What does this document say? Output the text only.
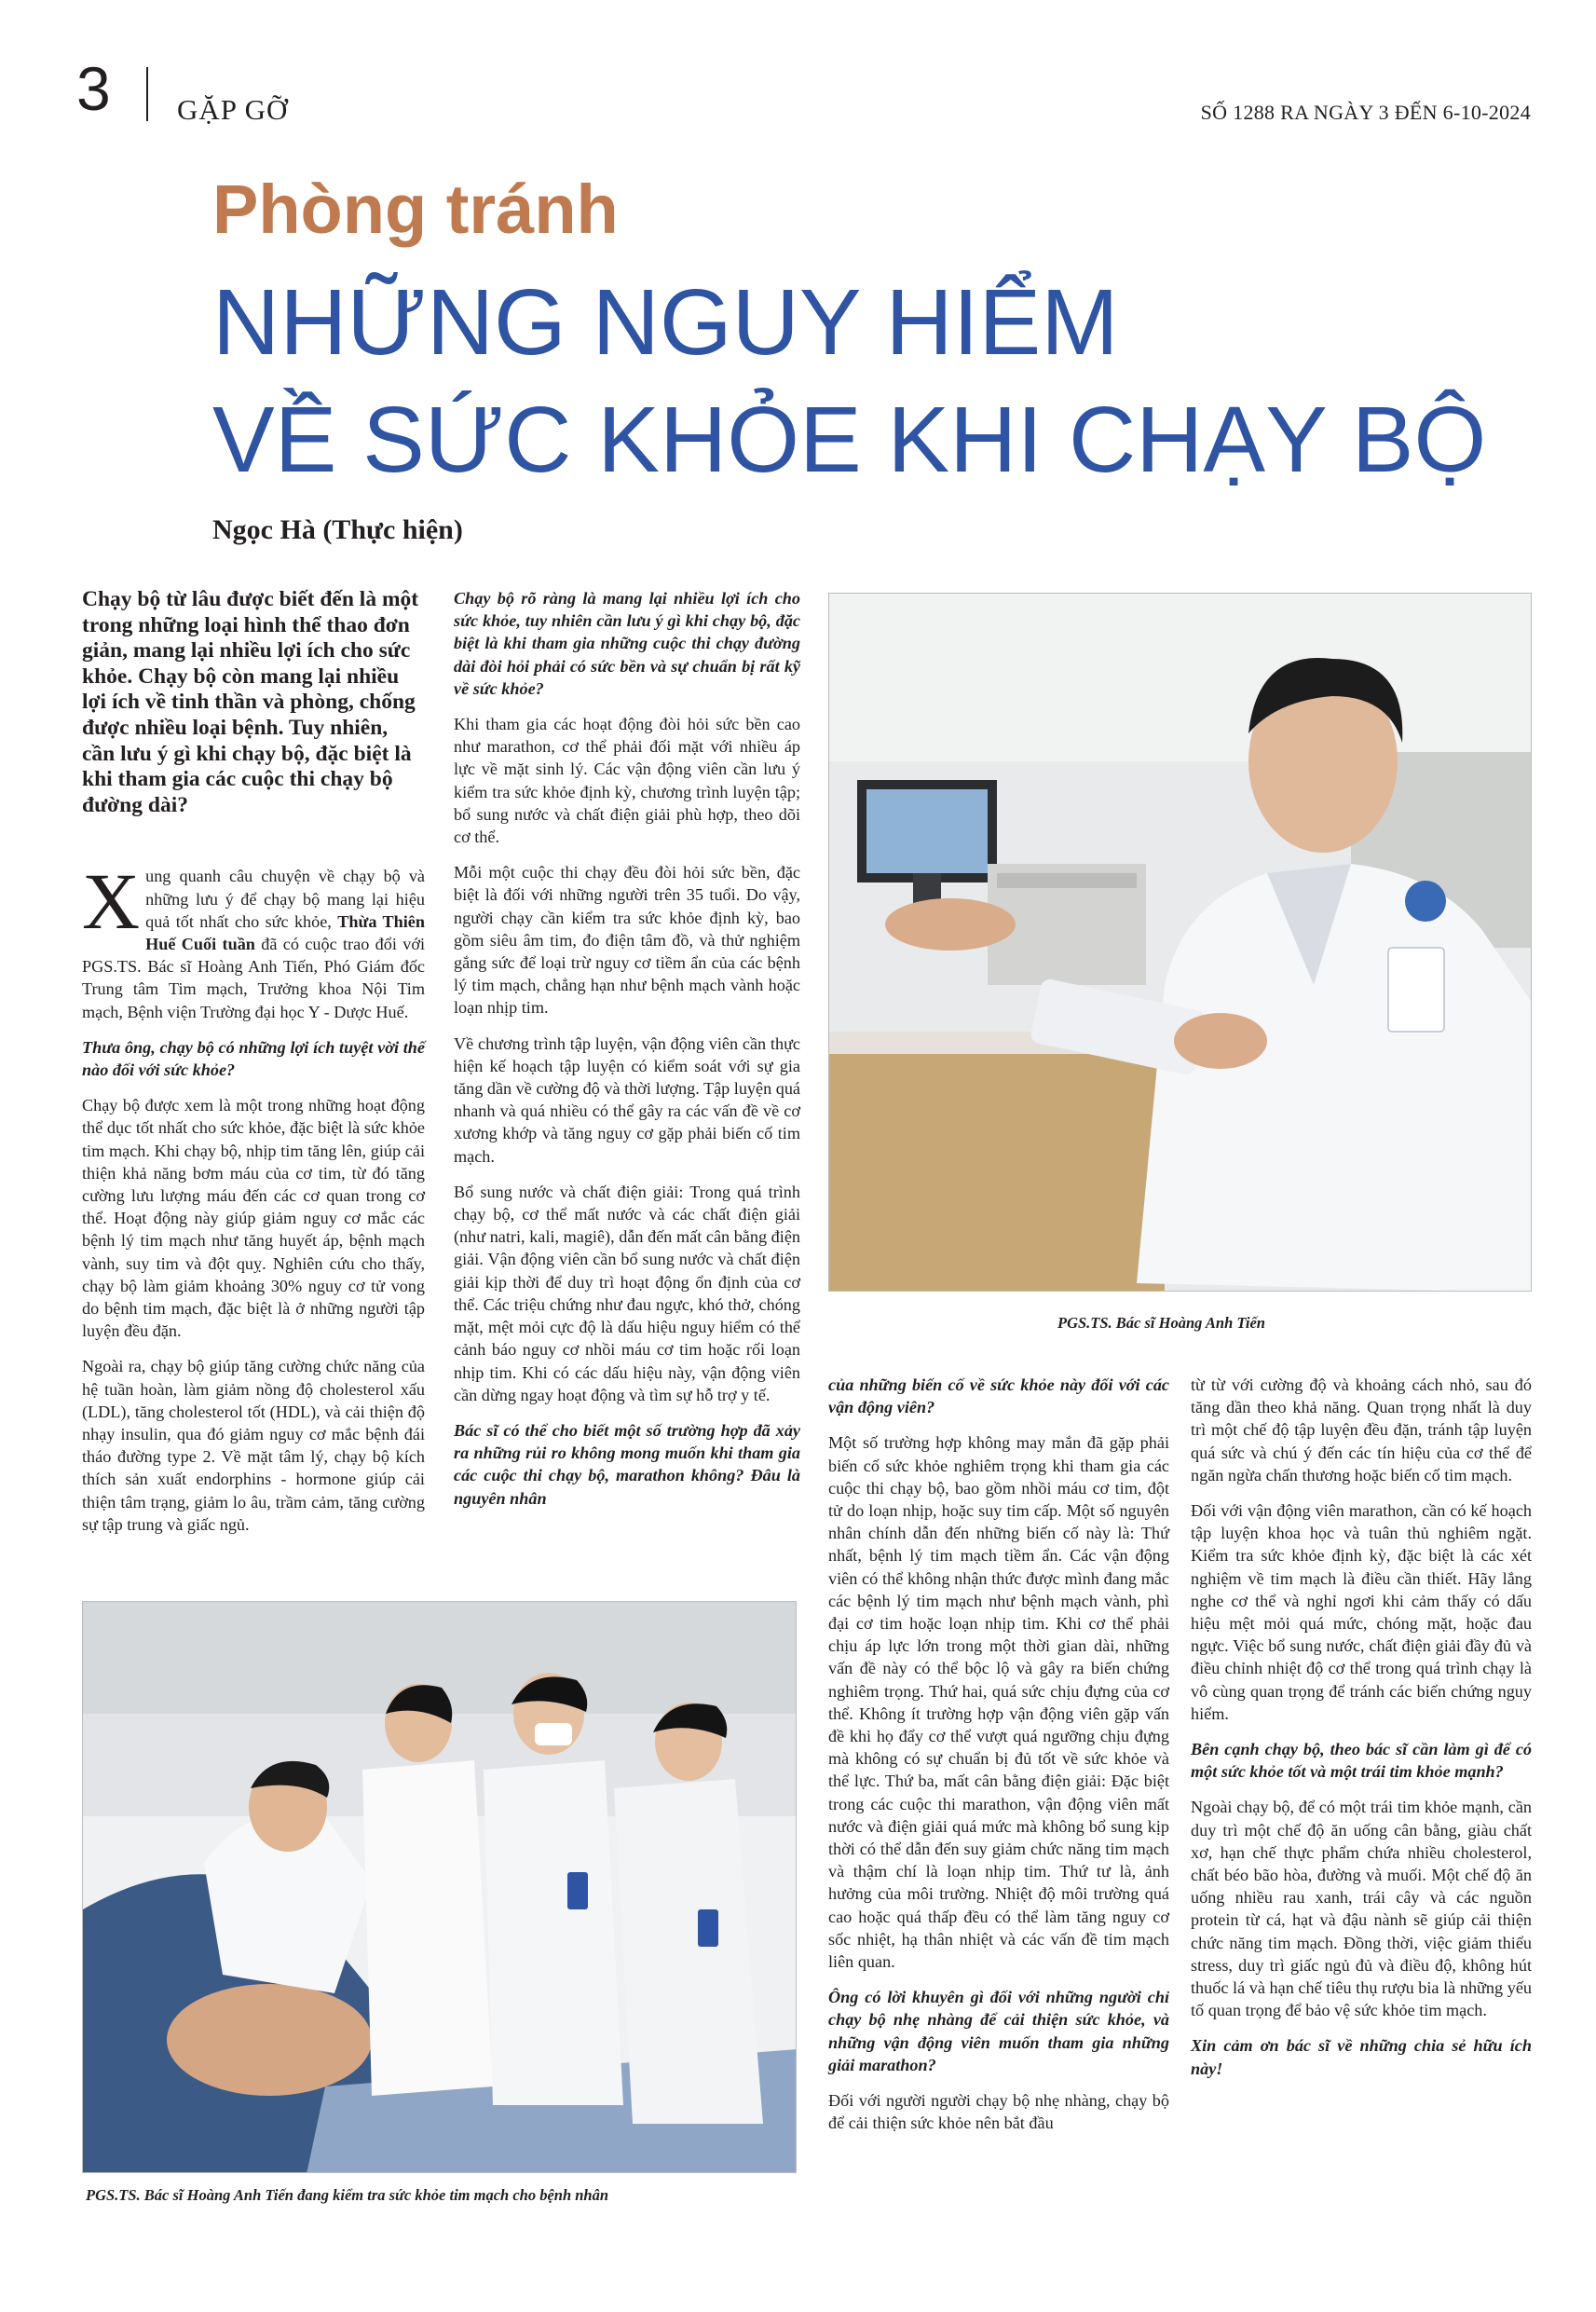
3 GẶP GỠ	SỐ 1288 RA NGÀY 3 ĐẾN 6-10-2024
Phòng tránh
NHỮNG NGUY HIỂM
VỀ SỨC KHỎE KHI CHẠY BỘ
Ngọc Hà (Thực hiện)

Chạy bộ từ lâu được biết đến là một trong những loại hình thể thao đơn giản, mang lại nhiều lợi ích cho sức khỏe. Chạy bộ còn mang lại nhiều lợi ích về tinh thần và phòng, chống được nhiều loại bệnh. Tuy nhiên, cần lưu ý gì khi chạy bộ, đặc biệt là khi tham gia các cuộc thi chạy bộ đường dài?

Xung quanh câu chuyện về chạy bộ và những lưu ý để chạy bộ mang lại hiệu quả tốt nhất cho sức khỏe, Thừa Thiên Huế Cuối tuần đã có cuộc trao đổi với PGS.TS. Bác sĩ Hoàng Anh Tiến, Phó Giám đốc Trung tâm Tim mạch, Trưởng khoa Nội Tim mạch, Bệnh viện Trường đại học Y - Dược Huế.

Thưa ông, chạy bộ có những lợi ích tuyệt vời thế nào đối với sức khỏe?

Chạy bộ được xem là một trong những hoạt động thể dục tốt nhất cho sức khỏe, đặc biệt là sức khỏe tim mạch. Khi chạy bộ, nhịp tim tăng lên, giúp cải thiện khả năng bơm máu của cơ tim, từ đó tăng cường lưu lượng máu đến các cơ quan trong cơ thể. Hoạt động này giúp giảm nguy cơ mắc các bệnh lý tim mạch như tăng huyết áp, bệnh mạch vành, suy tim và đột quỵ. Nghiên cứu cho thấy, chạy bộ làm giảm khoảng 30% nguy cơ tử vong do bệnh tim mạch, đặc biệt là ở những người tập luyện đều đặn.

Ngoài ra, chạy bộ giúp tăng cường chức năng của hệ tuần hoàn, làm giảm nồng độ cholesterol xấu (LDL), tăng cholesterol tốt (HDL), và cải thiện độ nhạy insulin, qua đó giảm nguy cơ mắc bệnh đái tháo đường type 2. Về mặt tâm lý, chạy bộ kích thích sản xuất endorphins - hormone giúp cải thiện tâm trạng, giảm lo âu, trầm cảm, tăng cường sự tập trung và giấc ngủ.

Chạy bộ rõ ràng là mang lại nhiều lợi ích cho sức khỏe, tuy nhiên cần lưu ý gì khi chạy bộ, đặc biệt là khi tham gia những cuộc thi chạy đường dài đòi hỏi phải có sức bền và sự chuẩn bị rất kỹ về sức khỏe?

Khi tham gia các hoạt động đòi hỏi sức bền cao như marathon, cơ thể phải đối mặt với nhiều áp lực về mặt sinh lý. Các vận động viên cần lưu ý kiểm tra sức khỏe định kỳ, chương trình luyện tập; bổ sung nước và chất điện giải phù hợp, theo dõi cơ thể.

Mỗi một cuộc thi chạy đều đòi hỏi sức bền, đặc biệt là đối với những người trên 35 tuổi. Do vậy, người chạy cần kiểm tra sức khỏe định kỳ, bao gồm siêu âm tim, đo điện tâm đồ, và thử nghiệm gắng sức để loại trừ nguy cơ tiềm ẩn của các bệnh lý tim mạch, chẳng hạn như bệnh mạch vành hoặc loạn nhịp tim.

Về chương trình tập luyện, vận động viên cần thực hiện kế hoạch tập luyện có kiểm soát với sự gia tăng dần về cường độ và thời lượng. Tập luyện quá nhanh và quá nhiều có thể gây ra các vấn đề về cơ xương khớp và tăng nguy cơ gặp phải biến cố tim mạch.

Bổ sung nước và chất điện giải: Trong quá trình chạy bộ, cơ thể mất nước và các chất điện giải (như natri, kali, magiê), dẫn đến mất cân bằng điện giải. Vận động viên cần bổ sung nước và chất điện giải kịp thời để duy trì hoạt động ổn định của cơ thể. Các triệu chứng như đau ngực, khó thở, chóng mặt, mệt mỏi cực độ là dấu hiệu nguy hiểm có thể cảnh báo nguy cơ nhồi máu cơ tim hoặc rối loạn nhịp tim. Khi có các dấu hiệu này, vận động viên cần dừng ngay hoạt động và tìm sự hỗ trợ y tế.

Bác sĩ có thể cho biết một số trường hợp đã xảy ra những rủi ro không mong muốn khi tham gia các cuộc thi chạy bộ, marathon không? Đâu là nguyên nhân

PGS.TS. Bác sĩ Hoàng Anh Tiến
PGS.TS. Bác sĩ Hoàng Anh Tiến đang kiểm tra sức khỏe tim mạch cho bệnh nhân

của những biến cố về sức khỏe này đối với các vận động viên?

Một số trường hợp không may mắn đã gặp phải biến cố sức khỏe nghiêm trọng khi tham gia các cuộc thi chạy bộ, bao gồm nhồi máu cơ tim, đột tử do loạn nhịp, hoặc suy tim cấp. Một số nguyên nhân chính dẫn đến những biến cố này là: Thứ nhất, bệnh lý tim mạch tiềm ẩn. Các vận động viên có thể không nhận thức được mình đang mắc các bệnh lý tim mạch như bệnh mạch vành, phì đại cơ tim hoặc loạn nhịp tim. Khi cơ thể phải chịu áp lực lớn trong một thời gian dài, những vấn đề này có thể bộc lộ và gây ra biến chứng nghiêm trọng. Thứ hai, quá sức chịu đựng của cơ thể. Không ít trường hợp vận động viên gặp vấn đề khi họ đẩy cơ thể vượt quá ngưỡng chịu đựng mà không có sự chuẩn bị đủ tốt về sức khỏe và thể lực. Thứ ba, mất cân bằng điện giải: Đặc biệt trong các cuộc thi marathon, vận động viên mất nước và điện giải quá mức mà không bổ sung kịp thời có thể dẫn đến suy giảm chức năng tim mạch và thậm chí là loạn nhịp tim. Thứ tư là, ảnh hưởng của môi trường. Nhiệt độ môi trường quá cao hoặc quá thấp đều có thể làm tăng nguy cơ sốc nhiệt, hạ thân nhiệt và các vấn đề tim mạch liên quan.

Ông có lời khuyên gì đối với những người chỉ chạy bộ nhẹ nhàng để cải thiện sức khỏe, và những vận động viên muốn tham gia những giải marathon?

Đối với người người chạy bộ nhẹ nhàng, chạy bộ để cải thiện sức khỏe nên bắt đầu

từ từ với cường độ và khoảng cách nhỏ, sau đó tăng dần theo khả năng. Quan trọng nhất là duy trì một chế độ tập luyện đều đặn, tránh tập luyện quá sức và chú ý đến các tín hiệu của cơ thể để ngăn ngừa chấn thương hoặc biến cố tim mạch.

Đối với vận động viên marathon, cần có kế hoạch tập luyện khoa học và tuân thủ nghiêm ngặt. Kiểm tra sức khỏe định kỳ, đặc biệt là các xét nghiệm về tim mạch là điều cần thiết. Hãy lắng nghe cơ thể và nghỉ ngơi khi cảm thấy có dấu hiệu mệt mỏi quá mức, chóng mặt, hoặc đau ngực. Việc bổ sung nước, chất điện giải đầy đủ và điều chỉnh nhiệt độ cơ thể trong quá trình chạy là vô cùng quan trọng để tránh các biến chứng nguy hiểm.

Bên cạnh chạy bộ, theo bác sĩ cần làm gì để có một sức khỏe tốt và một trái tim khỏe mạnh?

Ngoài chạy bộ, để có một trái tim khỏe mạnh, cần duy trì một chế độ ăn uống cân bằng, giàu chất xơ, hạn chế thực phẩm chứa nhiều cholesterol, chất béo bão hòa, đường và muối. Một chế độ ăn uống nhiều rau xanh, trái cây và các nguồn protein từ cá, hạt và đậu nành sẽ giúp cải thiện chức năng tim mạch. Đồng thời, việc giảm thiểu stress, duy trì giấc ngủ đủ và điều độ, không hút thuốc lá và hạn chế tiêu thụ rượu bia là những yếu tố quan trọng để bảo vệ sức khỏe tim mạch.

Xin cảm ơn bác sĩ về những chia sẻ hữu ích này!
